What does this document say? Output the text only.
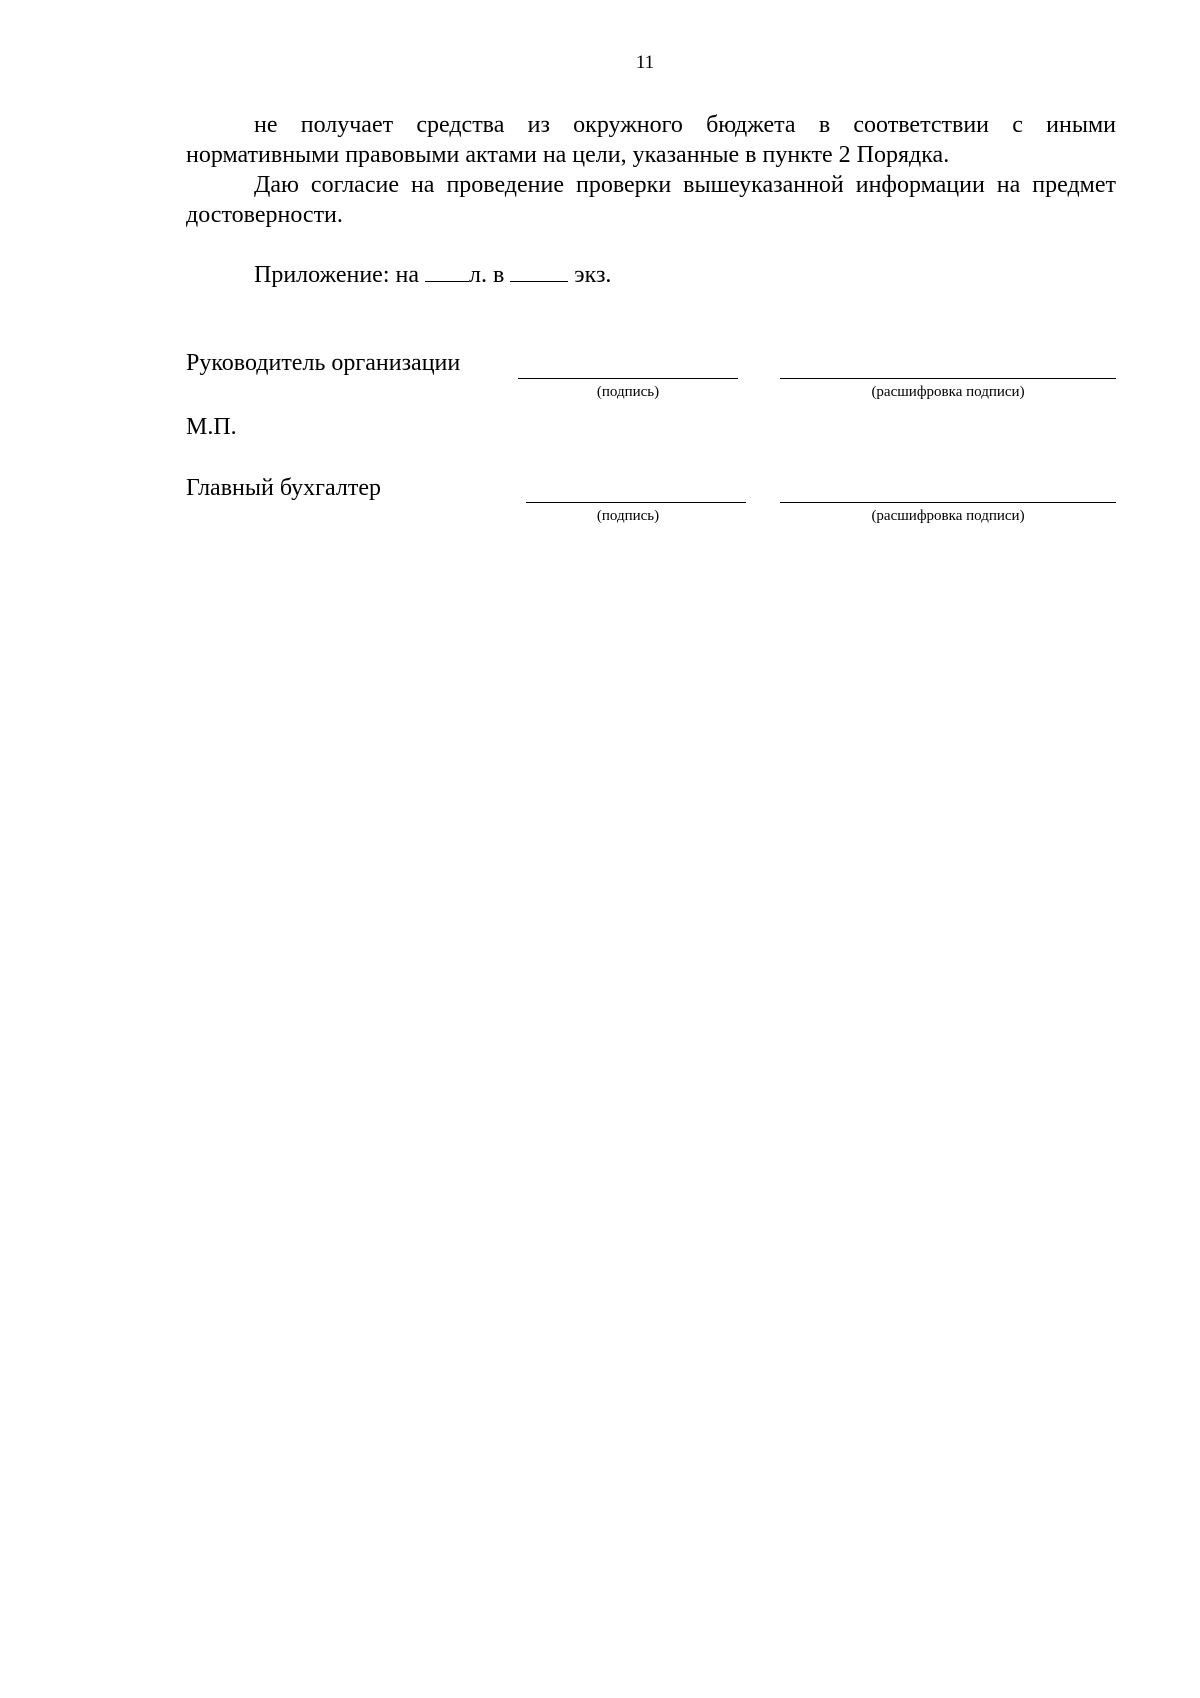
11

не получает средства из окружного бюджета в соответствии с иными нормативными правовыми актами на цели, указанные в пункте 2 Порядка.

Даю согласие на проведение проверки вышеуказанной информации на предмет достоверности.

Приложение: на л. в	экз.
Руководитель организации
(подпись)	(расшифровка подписи)
М.П.
Главный бухгалтер
(подпись)	(расшифровка подписи)
